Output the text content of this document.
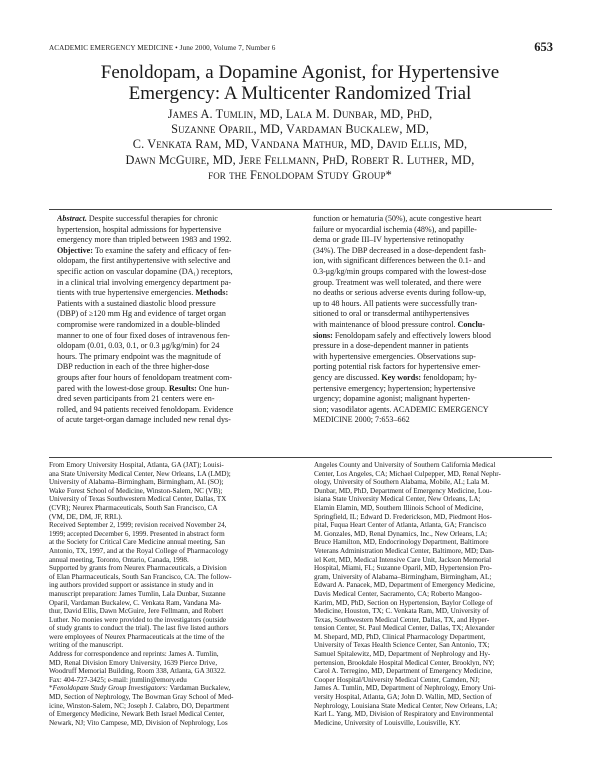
ACADEMIC EMERGENCY MEDICINE • June 2000, Volume 7, Number 6	653
Fenoldopam, a Dopamine Agonist, for Hypertensive
Emergency: A Multicenter Randomized Trial
James A. Tumlin, MD, Lala M. Dunbar, MD, PhD,
Suzanne Oparil, MD, Vardaman Buckalew, MD,
C. Venkata Ram, MD, Vandana Mathur, MD, David Ellis, MD,
Dawn McGuire, MD, Jere Fellmann, PhD, Robert R. Luther, MD,
for the Fenoldopam Study Group*
Abstract. Despite successful therapies for chronic
hypertension, hospital admissions for hypertensive
emergency more than tripled between 1983 and 1992.
Objective: To examine the safety and efficacy of fen-
oldopam, the first antihypertensive with selective and
specific action on vascular dopamine (DA₁) receptors,
in a clinical trial involving emergency department pa-
tients with true hypertensive emergencies. Methods:
Patients with a sustained diastolic blood pressure
(DBP) of ≥120 mm Hg and evidence of target organ
compromise were randomized in a double-blinded
manner to one of four fixed doses of intravenous fen-
oldopam (0.01, 0.03, 0.1, or 0.3 μg/kg/min) for 24
hours. The primary endpoint was the magnitude of
DBP reduction in each of the three higher-dose
groups after four hours of fenoldopam treatment com-
pared with the lowest-dose group. Results: One hun-
dred seven participants from 21 centers were en-
rolled, and 94 patients received fenoldopam. Evidence
of acute target-organ damage included new renal dys-
function or hematuria (50%), acute congestive heart
failure or myocardial ischemia (48%), and papille-
dema or grade III–IV hypertensive retinopathy
(34%). The DBP decreased in a dose-dependent fash-
ion, with significant differences between the 0.1- and
0.3-μg/kg/min groups compared with the lowest-dose
group. Treatment was well tolerated, and there were
no deaths or serious adverse events during follow-up,
up to 48 hours. All patients were successfully tran-
sitioned to oral or transdermal antihypertensives
with maintenance of blood pressure control. Conclu-
sions: Fenoldopam safely and effectively lowers blood
pressure in a dose-dependent manner in patients
with hypertensive emergencies. Observations sup-
porting potential risk factors for hypertensive emer-
gency are discussed. Key words: fenoldopam; hy-
pertensive emergency; hypertension; hypertensive
urgency; dopamine agonist; malignant hyperten-
sion; vasodilator agents. ACADEMIC EMERGENCY
MEDICINE 2000; 7:653–662
From Emory University Hospital, Atlanta, GA (JAT); Louisi-
ana State University Medical Center, New Orleans, LA (LMD);
University of Alabama–Birmingham, Birmingham, AL (SO);
Wake Forest School of Medicine, Winston-Salem, NC (VB);
University of Texas Southwestern Medical Center, Dallas, TX
(CVR); Neurex Pharmaceuticals, South San Francisco, CA
(VM, DE, DM, JF, RRL).
Received September 2, 1999; revision received November 24,
1999; accepted December 6, 1999. Presented in abstract form
at the Society for Critical Care Medicine annual meeting, San
Antonio, TX, 1997, and at the Royal College of Pharmacology
annual meeting, Toronto, Ontario, Canada, 1998.
Supported by grants from Neurex Pharmaceuticals, a Division
of Elan Pharmaceuticals, South San Francisco, CA. The follow-
ing authors provided support or assistance in study and in
manuscript preparation: James Tumlin, Lala Dunbar, Suzanne
Oparil, Vardaman Buckalew, C. Venkata Ram, Vandana Ma-
thur, David Ellis, Dawn McGuire, Jere Fellmann, and Robert
Luther. No monies were provided to the investigators (outside
of study grants to conduct the trial). The last five listed authors
were employees of Neurex Pharmaceuticals at the time of the
writing of the manuscript.
Address for correspondence and reprints: James A. Tumlin,
MD, Renal Division Emory University, 1639 Pierce Drive,
Woodruff Memorial Building, Room 338, Atlanta, GA 30322.
Fax: 404-727-3425; e-mail: jtumlin@emory.edu
*Fenoldopam Study Group Investigators: Vardaman Buckalew,
MD, Section of Nephrology, The Bowman Gray School of Med-
icine, Winston-Salem, NC; Joseph J. Calabro, DO, Department
of Emergency Medicine, Newark Beth Israel Medical Center,
Newark, NJ; Vito Campese, MD, Division of Nephrology, Los
Angeles County and University of Southern California Medical
Center, Los Angeles, CA; Michael Culpepper, MD, Renal Nephr-
ology, University of Southern Alabama, Mobile, AL; Lala M.
Dunbar, MD, PhD, Department of Emergency Medicine, Lou-
isiana State University Medical Center, New Orleans, LA;
Elamin Elamin, MD, Southern Illinois School of Medicine,
Springfield, IL; Edward D. Frederickson, MD, Piedmont Hos-
pital, Fuqua Heart Center of Atlanta, Atlanta, GA; Francisco
M. Gonzales, MD, Renal Dynamics, Inc., New Orleans, LA;
Bruce Hamilton, MD, Endocrinology Department, Baltimore
Veterans Administration Medical Center, Baltimore, MD; Dan-
iel Kett, MD, Medical Intensive Care Unit, Jackson Memorial
Hospital, Miami, FL; Suzanne Oparil, MD, Hypertension Pro-
gram, University of Alabama–Birmingham, Birmingham, AL;
Edward A. Panacek, MD, Department of Emergency Medicine,
Davis Medical Center, Sacramento, CA; Roberto Mangoo-
Karim, MD, PhD, Section on Hypertension, Baylor College of
Medicine, Houston, TX; C. Venkata Ram, MD, University of
Texas, Southwestern Medical Center, Dallas, TX, and Hyper-
tension Center, St. Paul Medical Center, Dallas, TX; Alexander
M. Shepard, MD, PhD, Clinical Pharmacology Department,
University of Texas Health Science Center, San Antonio, TX;
Samuel Spitalewitz, MD, Department of Nephrology and Hy-
pertension, Brookdale Hospital Medical Center, Brooklyn, NY;
Carol A. Terregino, MD, Department of Emergency Medicine,
Cooper Hospital/University Medical Center, Camden, NJ;
James A. Tumlin, MD, Department of Nephrology, Emory Uni-
versity Hospital, Atlanta, GA; John D. Wallin, MD, Section of
Nephrology, Louisiana State Medical Center, New Orleans, LA;
Karl L. Yang, MD, Division of Respiratory and Environmental
Medicine, University of Louisville, Louisville, KY.
